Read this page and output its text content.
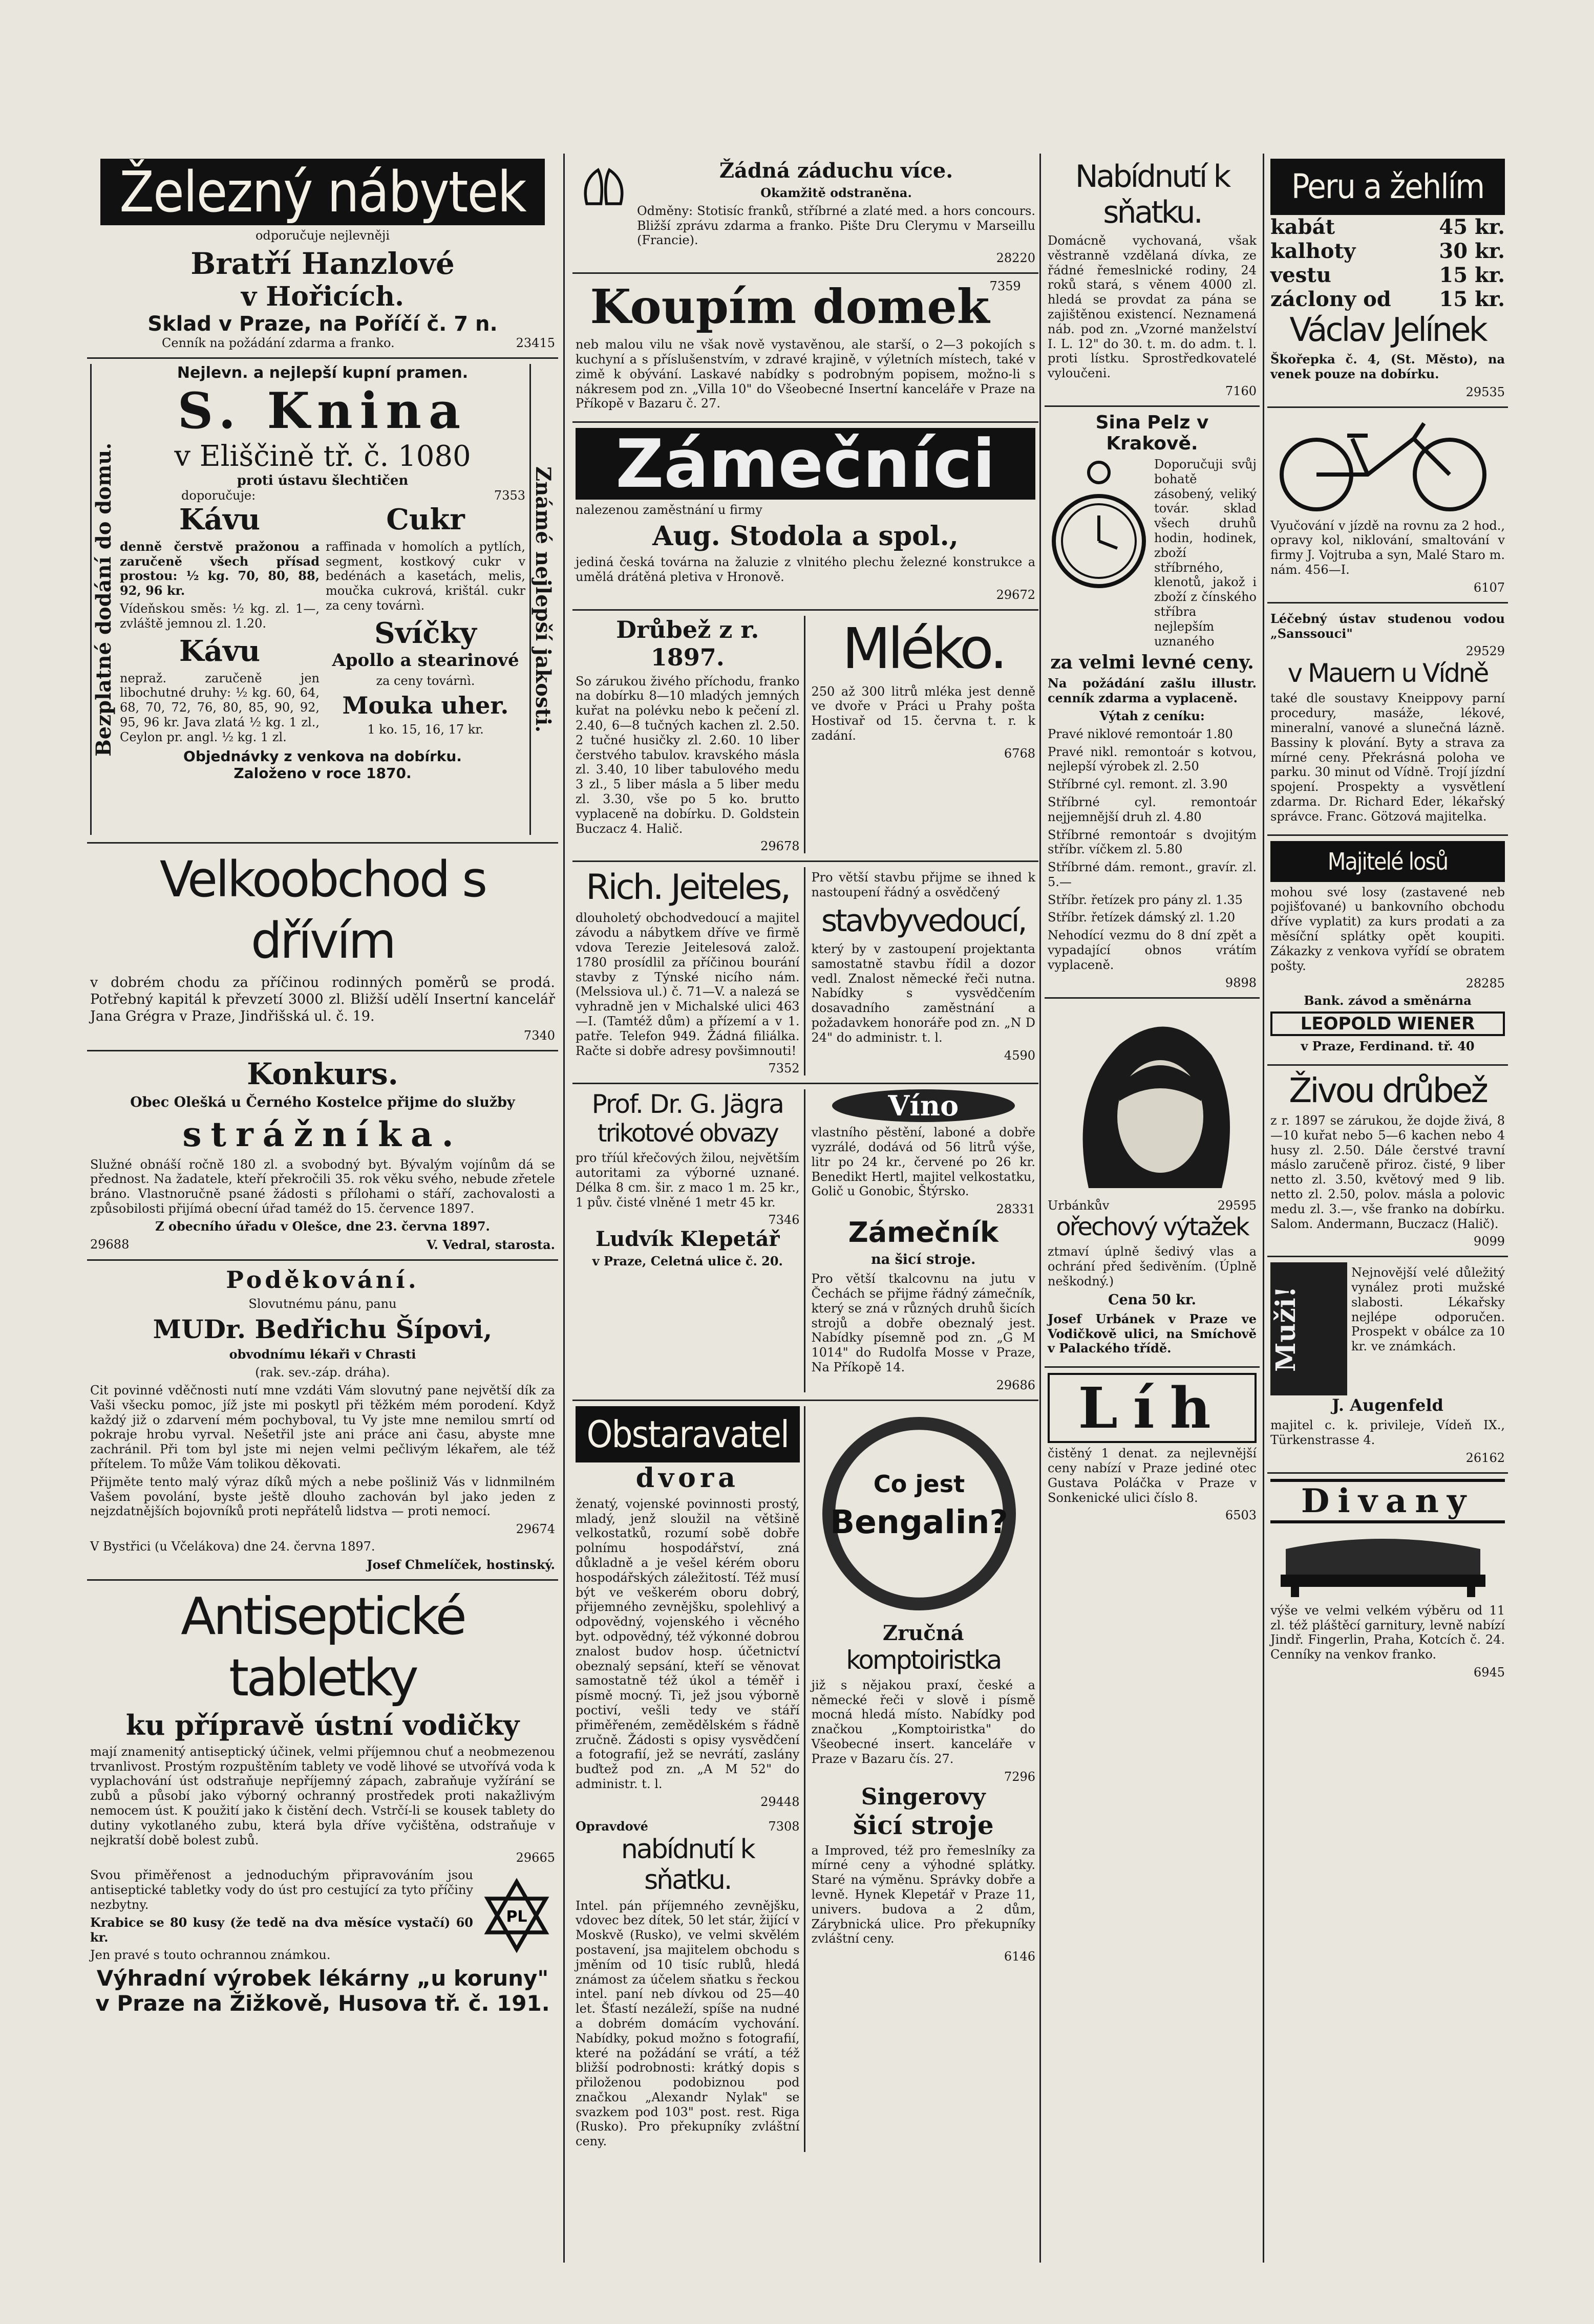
Železný nábytek

odporučuje nejlevněji

Bratří Hanzlové
v Hořicích.
Sklad v Praze, na Poříčí č. 7 n.
Cenník na požádání zdarma a franko.	23415
Bezplatné dodání do domu.
Nejlevn. a nejlepší kupní pramen.
S. Knina
v Eliščině tř. č. 1080
proti ústavu šlechtičen
doporučuje:	7353
Kávu

denně čerstvě pražonou a zaručeně všech přísad prostou: ½ kg. 70, 80, 88, 92, 96 kr.

Vídeňskou směs: ½ kg. zl. 1—, zvláště jemnou zl. 1.20.

Kávu

neprаž. zaručeně jen libochutné druhy: ½ kg. 60, 64, 68, 70, 72, 76, 80, 85, 90, 92, 95, 96 kr. Java zlatá ½ kg. 1 zl., Ceylon pr. angl. ½ kg. 1 zl.

Cukr

raffinada v homolích a pytlích, segment, kostkový cukr v bedénách a kasetách, melis, moučka cukrová, krištál. cukr za ceny továrnì.

Svíčky
Apollo a stearinové

za ceny továrnì.

Mouka uher.

1 ko. 15, 16, 17 kr.

Objednávky z venkova na dobírku.
Založeno v roce 1870.
Známé nejlepší jakosti.
Velkoobchod s dřívím

v dobrém chodu za příčinou rodinných poměrů se prodá. Potřebný kapitál k převzetí 3000 zl. Bližší udělí Insertní kancelář Jana Grégra v Praze, Jindřišská ul. č. 19.

7340
Konkurs.

Obec Olešká u Černého Kostelce přijme do služby

strážníka.

Služné obnáší ročně 180 zl. a svobodný byt. Bývalým vojínům dá se přednost. Na žadatele, kteří překročili 35. rok věku svého, nebude zřetele bráno. Vlastnoručně psané žádosti s přílohami o stáří, zachovalosti a způsobilosti přijímá obecní úřad taméž do 15. července 1897.

Z obecního úřadu v Olešce, dne 23. června 1897.

29688	V. Vedral, starosta.
Poděkování.

Slovutnému pánu, panu

MUDr. Bedřichu Šípovi,

obvodnímu lékaři v Chrasti

(rak. sev.-záp. dráha).

Cit povinné vděčnosti nutí mne vzdáti Vám slovutný pane největší dík za Vaši všecku pomoc, jíž jste mi poskytl při těžkém mém porodení. Když každý již o zdarvení mém pochyboval, tu Vy jste mne nemilou smrtí od pokraje hrobu vyrval. Nešetřil jste ani práce ani času, abyste mne zachránil. Při tom byl jste mi nejen velmi pečlivým lékařem, ale též přítelem. To může Vám tolikou děkovati.

Přijměte tento malý výraz díků mých a nebe pošliniž Vás v lidnmilném Vašem povolání, byste ještě dlouho zachován byl jako jeden z nejzdatnějších bojovníků proti nepřátelů lidstva — proti nemocí.

29674

V Bystřici (u Včelákova) dne 24. června 1897.

Josef Chmelíček, hostinský.
Antiseptické tabletky
ku přípravě ústní vodičky

mají znamenitý antiseptický účinek, velmi příjemnou chuť a neobmezenou trvanlivost. Prostým rozpuštěním tablety ve vodě lihové se utvořívá voda k vyplachování úst odstraňuje nepříjemný zápach, zabraňuje vyžírání se zubů a působí jako výborný ochranný prostředek proti nakažlivým nemocem úst. K použití jako k čistění dech. Vstrčí-li se kousek tablety do dutiny vykotlaného zubu, která byla dříve vyčištěna, odstraňuje v nejkratší době bolest zubů.

29665

Svou přiměřenost a jednoduchým připravováním jsou antiseptické tabletky vody do úst pro cestující za tyto příčiny nezbytny.

Krabice se 80 kusy (že tedě na dva měsíce vystačí) 60 kr.

Jen pravé s touto ochrannou známkou.

PL
Výhradní výrobek lékárny „u koruny"
v Praze na Žižkově, Husova tř. č. 191.
Žádná záduchu více.

Okamžitě odstraněna.

Odměny: Stotisíc franků, stříbrné a zlaté med. a hors concours. Bližší zprávu zdarma a franko. Pište Dru Clerymu v Marseillu (Francie).

28220
Koupím domek 7359

neb malou vilu ne však nově vystavěnou, ale starší, o 2—3 pokojích s kuchyní a s příslušenstvím, v zdravé krajině, v výletních místech, také v zimě k obývání. Laskavé nabídky s podrobným popisem, možno-li s nákresem pod zn. „Villa 10" do Všeobecné Insertní kanceláře v Praze na Příkopě v Bazaru č. 27.

Zámečníci

nalezenou zaměstnání u firmy

Aug. Stodola a spol.,

jediná česká továrna na žaluzie z vlnitého plechu železné konstrukce a umělá drátěná pletiva v Hronově.

29672
Drůbež z r. 1897.

So zárukou živého příchodu, franko na dobírku 8—10 mladých jemných kuřat na polévku nebo k pečení zl. 2.40, 6—8 tučných kachen zl. 2.50. 2 tučné husičky zl. 2.60. 10 liber čerstvého tabulov. kravského másla zl. 3.40, 10 liber tabulového medu 3 zl., 5 liber másla a 5 liber medu zl. 3.30, vše po 5 ko. brutto vyplaceně na dobírku. D. Goldstein Buczacz 4. Halič.

29678
Mléko.

250 až 300 litrů mléka jest denně ve dvoře v Práci u Prahy pošta Hostivař od 15. června t. r. k zadání.

6768
Rich. Jeiteles,

dlouholetý obchodvedoucí a majitel závodu a nábytkem dříve ve firmě vdova Terezie Jeitelesová založ. 1780 prosídlil za příčinou bourání stavby z Týnské nicího nám. (Melssiova ul.) č. 71—V. a nalezá se vyhradně jen v Michalské ulici 463—I. (Tamtéž dům) a přízemí a v 1. patře. Telefon 949. Žádná filiálka. Račte si dobře adresy povšimnouti!

7352

Pro větší stavbu přijme se ihned k nastoupení řádný a osvědčený

stavbyvedoucí,

který by v zastoupení projektanta samostatně stavbu řídil a dozor vedl. Znalost německé řeči nutna. Nabídky s vysvědčením dosavadního zaměstnání a požadavkem honoráře pod zn. „N D 24" do administr. t. l.

4590
Prof. Dr. G. Jägra
trikotové obvazy

pro tříúl křečových žilou, největším autoritami za výborné uznané. Délka 8 cm. šir. z maco 1 m. 25 kr., 1 pův. čisté vlněné 1 metr 45 kr.

7346
Ludvík Klepetář

v Praze, Celetná ulice č. 20.

Víno

vlastního pěstění, laboné a dobře vyzrálé, dodává od 56 litrů výše, litr po 24 kr., červené po 26 kr. Benedikt Hertl, majitel velkostatku, Golič u Gonobic, Štýrsko.

28331
Zámečník

na šicí stroje.

Pro větší tkalcovnu na jutu v Čechách se přijme řádný zámečník, který se zná v různých druhů šicích strojů a dobře obeznalý jest. Nabídky písemně pod zn. „G M 1014" do Rudolfa Mosse v Praze, Na Příkopě 14.

29686
Obstaravatel
dvora

ženatý, vojenské povinnosti prostý, mladý, jenž sloužil na většině velkostatků, rozumí sobě dobře polnímu hospodářství, zná důkladně a je vešel kérém oboru hospodářských záležitostí. Též musí být ve veškerém oboru dobrý, přijemného zevnějšku, spolehlivý a odpovědný, vojenského i věcného byt. odpovědný, též výkonné dobrou znalost budov hosp. účetnictví obeznalý sepsání, kteří se věnovat samostatně též úkol a téměř i písmě mocný. Ti, jež jsou výborně poctiví, vešli tedy ve stáří přiměřeném, zemědělském s řádně zručně. Žádosti s opisy vysvědčení a fotografií, jež se nevrátí, zaslány buďtež pod zn. „A M 52" do administr. t. l.

29448
Opravdové	7308
nabídnutí k sňatku.

Intel. pán příjemného zevnějšku, vdovec bez dítek, 50 let stár, žijící v Moskvě (Rusko), ve velmi skvělém postavení, jsa majitelem obchodu s jměním od 10 tisíc rublů, hledá známost za účelem sňatku s řeckou intel. paní neb dívkou od 25—40 let. Šťastí nezáleží, spíše na nudné a dobrém domácím vychování. Nabídky, pokud možno s fotografií, které na požádání se vrátí, a též bližší podrobnosti: krátký dopis s přiloženou podobiznou pod značkou „Alexandr Nylak" se svazkem pod 103" post. rest. Riga (Rusko). Pro překupníky zvláštní ceny.

Co jest
Bengalin?
Zručná
komptoiristka

již s nějakou praxí, české a německé řeči v slově i písmě mocná hledá místo. Nabídky pod značkou „Komptoiristka" do Všeobecné insert. kanceláře v Praze v Bazaru čís. 27.

7296
Singerovy
šicí stroje

a Improved, též pro řemeslníky za mírné ceny a výhodné splátky. Staré na výměnu. Správky dobře a levně. Hynek Klepetář v Praze 11, univers. budova a 2 dům, Zárybnická ulice. Pro překupníky zvláštní ceny.

6146
Nabídnutí k sňatku.

Domácně vychovaná, však věstranně vzdělaná dívka, ze řádné řemeslnické rodiny, 24 roků stará, s věnem 4000 zl. hledá se provdat za pána se zajištěnou existencí. Neznamená náb. pod zn. „Vzorné manželství I. L. 12" do 30. t. m. do adm. t. l. proti lístku. Sprostředkovatelé vyloučeni.

7160
Sina Pelz v Krakově.

Doporučuji svůj bohatě zásobený, veliký továr. sklad všech druhů hodin, hodinek, zboží stříbrného, klenotů, jakož i zboží z čínského stříbra nejlepším uznaného

za velmi levné ceny.

Na požádání zašlu illustr. cenník zdarma a vyplaceně.

Výtah z ceníku:

Pravé niklové remontoár 1.80

Pravé nikl. remontoár s kotvou, nejlepší výrobek zl. 2.50

Stříbrné cyl. remont. zl. 3.90

Stříbrné cyl. remontoár nejjemnější druh zl. 4.80

Stříbrné remontoár s dvojitým stříbr. víčkem zl. 5.80

Stříbrné dám. remont., gravír. zl. 5.—

Stříbr. řetízek pro pány zl. 1.35

Stříbr. řetízek dámský zl. 1.20

Nehodící vezmu do 8 dní zpět a vypadající obnos vrátím vyplaceně.

9898
Urbánkův	29595
ořechový výtažek

ztmaví úplně šedivý vlas a ochrání před šedivěním. (Úplně neškodný.)

Cena 50 kr.

Josef Urbánek v Praze ve Vodičkově ulici, na Smíchově v Palackého třídě.

Líh

čistěný 1 denat. za nejlevnější ceny nabízí v Praze jediné otec Gustava Poláčka v Praze v Sonkenické ulici číslo 8.

6503
Peru a žehlím
kabát	45 kr.
kalhoty	30 kr.
vestu	15 kr.
záclony od 15 kr.
Václav Jelínek

Škořepka č. 4, (St. Město), na venek pouze na dobírku.

29535

Vyučování v jízdě na rovnu za 2 hod., opravy kol, niklování, smaltování v firmy J. Vojtruba a syn, Malé Staro m. nám. 456—I.

6107

Léčebný ústav studenou vodou „Sanssouci"

29529
v Mauern u Vídně

také dle soustavy Kneippovy parní procedury, masáže, lékové, mineralní, vanové a slunečná lázně. Bassiny k plování. Byty a strava za mírné ceny. Překrásná poloha ve parku. 30 minut od Vídně. Trojí jízdní spojení. Prospekty a vysvětlení zdarma. Dr. Richard Eder, lékařský správce. Franc. Götzová majitelka.

Majitelé losů

mohou své losy (zastavené neb pojišťované) u bankovního obchodu dříve vyplatit) za kurs prodati a za měsíční splátky opět koupiti. Zákazky z venkova vyřídí se obratem pošty.

28285

Bank. závod a směnárna

LEOPOLD WIENER

v Praze, Ferdinand. tř. 40

Živou drůbež

z r. 1897 se zárukou, že dojde živá, 8—10 kuřat nebo 5—6 kachen nebo 4 husy zl. 2.50. Dále čerstvé travní máslo zaručeně přiroz. čisté, 9 liber netto zl. 3.50, květový med 9 lib. netto zl. 2.50, polov. másla a polovic medu zl. 3.—, vše franko na dobírku. Salom. Andermann, Buczacz (Halič).

9099
Muži!

Nejnovější velé důležitý vynález proti mužské slabosti. Lékařsky nejlépe odporučen. Prospekt v obálce za 10 kr. ve známkách.

J. Augenfeld

majitel c. k. privileje, Vídeň IX., Türkenstrasse 4.

26162
Divany

výše ve velmi velkém výběru od 11 zl. též pláštěcí garnitury, levně nabízí Jindř. Fingerlin, Praha, Kotcích č. 24. Cenníky na venkov franko.

6945
